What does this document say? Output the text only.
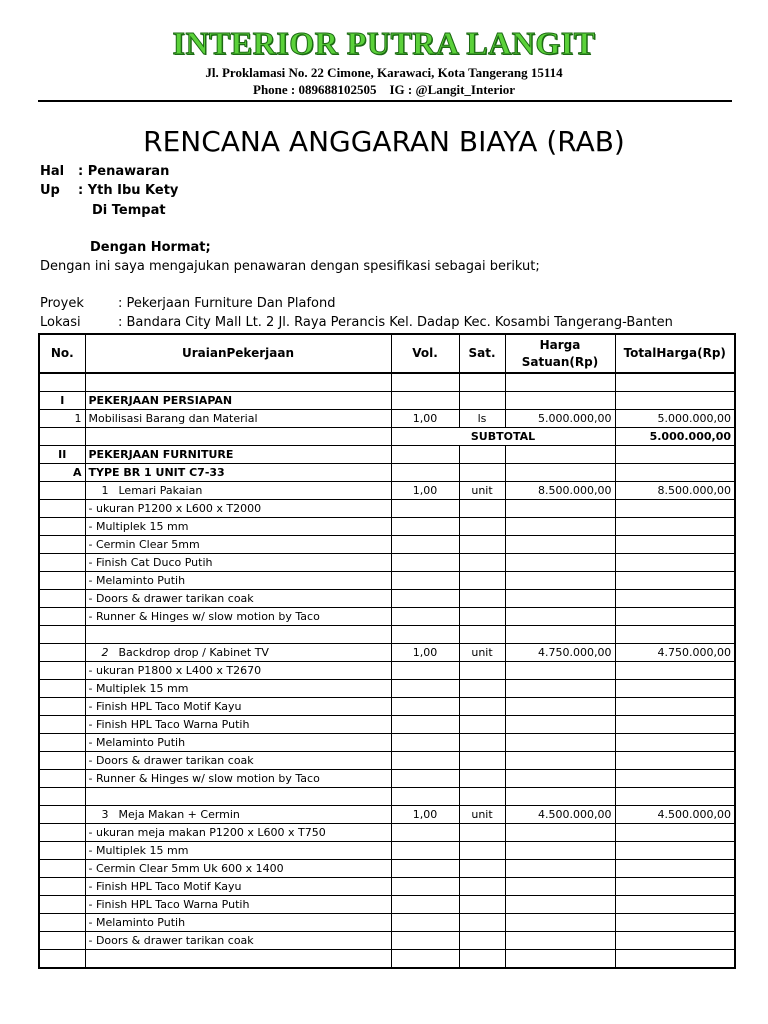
INTERIOR PUTRA LANGIT
Jl. Proklamasi No. 22 Cimone, Karawaci, Kota Tangerang 15114
Phone : 089688102505    IG : @Langit_Interior
RENCANA ANGGARAN BIAYA (RAB)
Hal : Penawaran
Up : Yth Ibu Kety
Di Tempat
Dengan Hormat;
Dengan ini saya mengajukan penawaran dengan spesifikasi sebagai berikut;
Proyek	: Pekerjaan Furniture Dan Plafond
Lokasi	: Bandara City Mall Lt. 2 Jl. Raya Perancis Kel. Dadap Kec. Kosambi Tangerang-Banten
No.	UraianPekerjaan	Vol.	Sat.	Harga Satuan(Rp)	TotalHarga(Rp)

I	PEKERJAAN PERSIAPAN				
1	Mobilisasi Barang dan Material	1,00	ls	5.000.000,00	5.000.000,00
		SUBTOTAL			5.000.000,00
II	PEKERJAAN FURNITURE				
A	TYPE BR 1 UNIT C7-33				
	1 Lemari Pakaian	1,00	unit	8.500.000,00	8.500.000,00
	- ukuran P1200 x L600 x T2000				
	- Multiplek 15 mm				
	- Cermin Clear 5mm				
	- Finish Cat Duco Putih				
	- Melaminto Putih				
	- Doors & drawer tarikan coak				
	- Runner & Hinges w/ slow motion by Taco				

	2 Backdrop drop / Kabinet TV	1,00	unit	4.750.000,00	4.750.000,00
	- ukuran P1800 x L400 x T2670				
	- Multiplek 15 mm				
	- Finish HPL Taco Motif Kayu				
	- Finish HPL Taco Warna Putih				
	- Melaminto Putih				
	- Doors & drawer tarikan coak				
	- Runner & Hinges w/ slow motion by Taco				

	3 Meja Makan + Cermin	1,00	unit	4.500.000,00	4.500.000,00
	- ukuran meja makan P1200 x L600 x T750				
	- Multiplek 15 mm				
	- Cermin Clear 5mm Uk 600 x 1400				
	- Finish HPL Taco Motif Kayu				
	- Finish HPL Taco Warna Putih				
	- Melaminto Putih				
	- Doors & drawer tarikan coak				
